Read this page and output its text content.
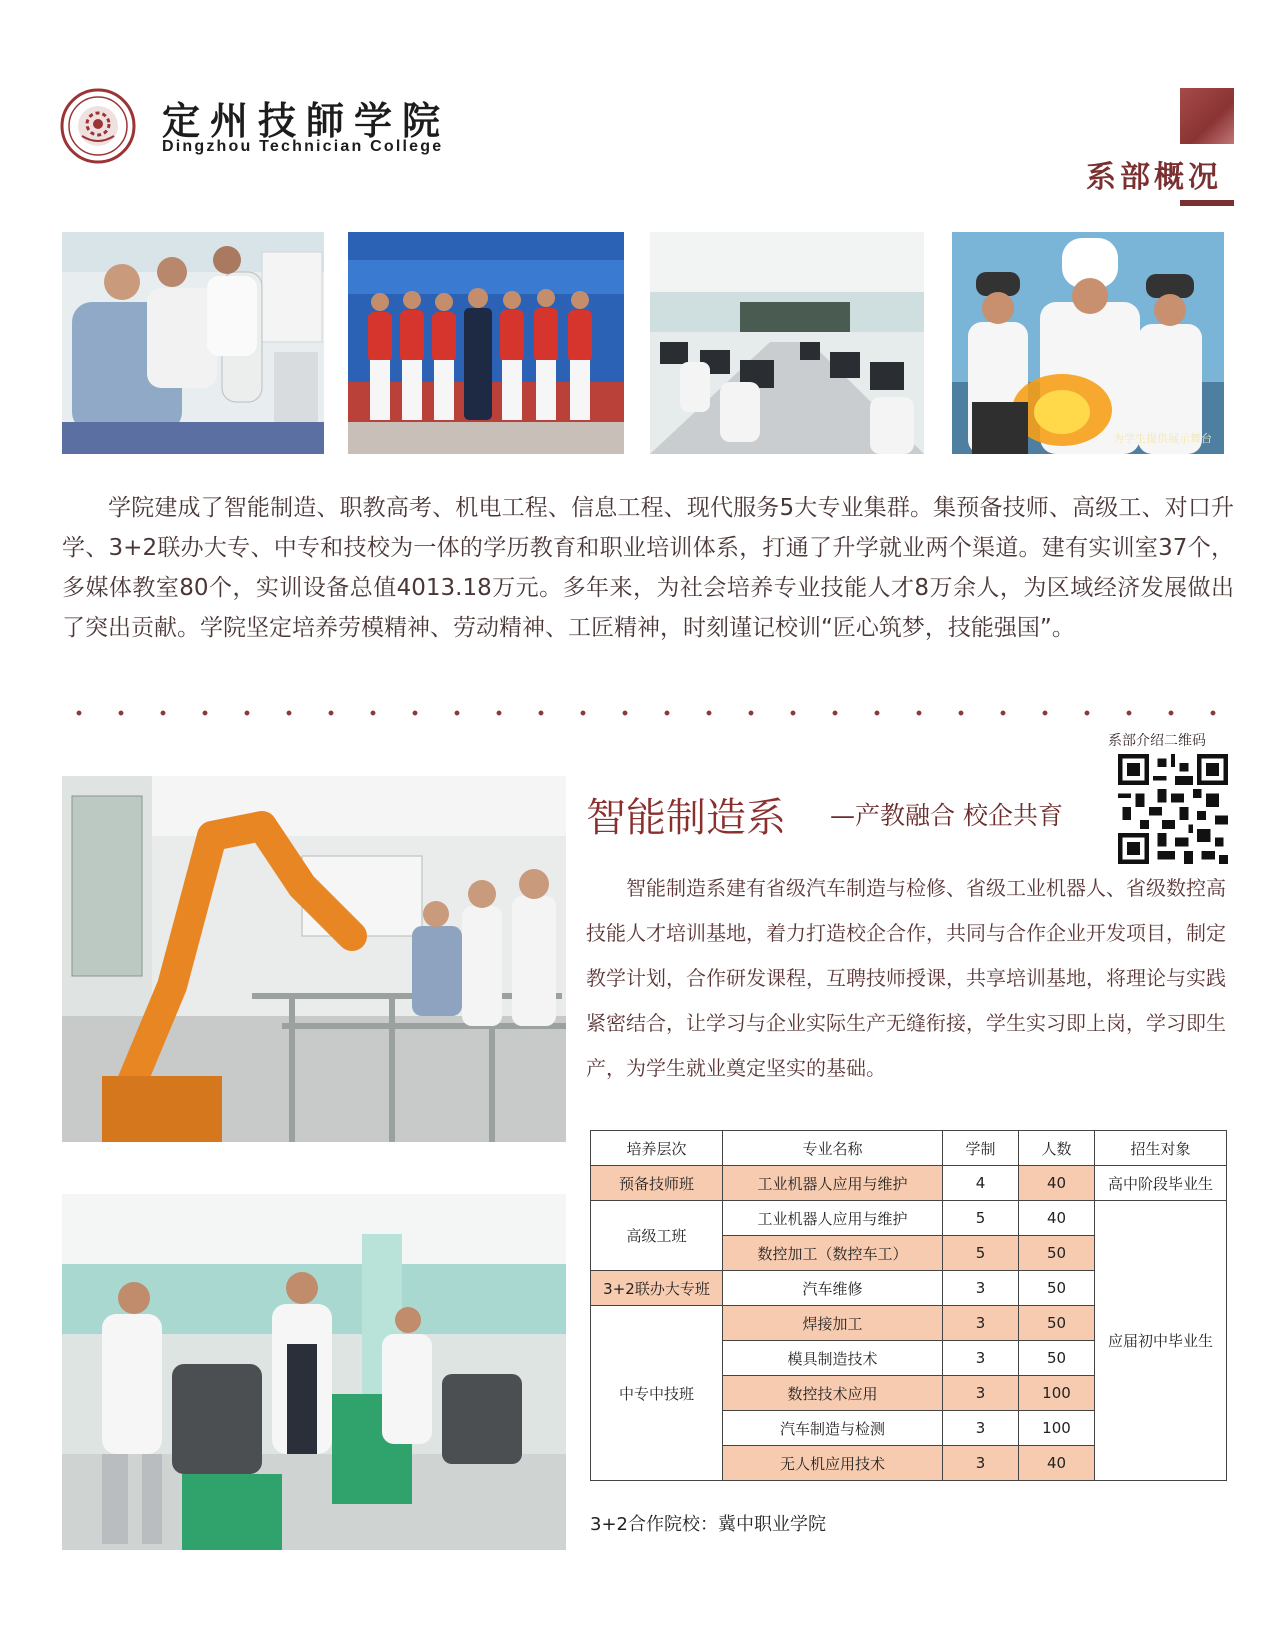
定州技師学院
Dingzhou Technician College
系部概况
为学生提供展示舞台

学院建成了智能制造、职教高考、机电工程、信息工程、现代服务5大专业集群。集预备技师、高级工、对口升学、3+2联办大专、中专和技校为一体的学历教育和职业培训体系，打通了升学就业两个渠道。建有实训室37个，多媒体教室80个，实训设备总值4013.18万元。多年来，为社会培养专业技能人才8万余人，为区域经济发展做出了突出贡献。学院坚定培养劳模精神、劳动精神、工匠精神，时刻谨记校训“匠心筑梦，技能强国”。

系部介绍二维码
智能制造系 —产教融合 校企共育

智能制造系建有省级汽车制造与检修、省级工业机器人、省级数控高技能人才培训基地，着力打造校企合作，共同与合作企业开发项目，制定教学计划，合作研发课程，互聘技师授课，共享培训基地，将理论与实践紧密结合，让学习与企业实际生产无缝衔接，学生实习即上岗，学习即生产，为学生就业奠定坚实的基础。

培养层次	专业名称	学制	人数	招生对象
预备技师班	工业机器人应用与维护	4	40	高中阶段毕业生
高级工班	工业机器人应用与维护	5	40	应届初中毕业生
	数控加工（数控车工）	5	50	
3+2联办大专班	汽车维修	3	50	
中专中技班	焊接加工	3	50	
	模具制造技术	3	50	
	数控技术应用	3	100	
	汽车制造与检测	3	100	
	无人机应用技术	3	40	
3+2合作院校：冀中职业学院
